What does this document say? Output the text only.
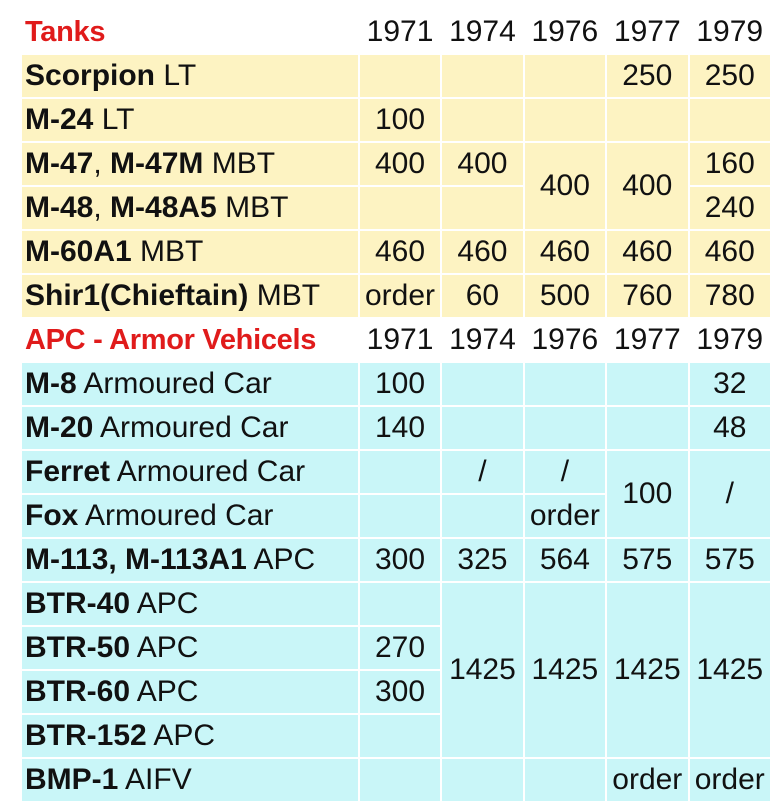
Tanks	1971	1974	1976	1977	1979
Scorpion LT				250	250
M-24 LT	100				
M-47, M-47M MBT	400	400	400	400	160
M-48, M-48A5 MBT					240
M-60A1 MBT	460	460	460	460	460
Shir1(Chieftain) MBT	order	60	500	760	780
APC - Armor Vehicels	1971	1974	1976	1977	1979
M-8 Armoured Car	100				32
M-20 Armoured Car	140				48
Ferret Armoured Car		/	/	100	/
Fox Armoured Car			order		
M-113, M-113A1 APC	300	325	564	575	575
BTR-40 APC		1425	1425	1425	1425
BTR-50 APC	270				
BTR-60 APC	300				
BTR-152 APC					
BMP-1 AIFV				order	order
